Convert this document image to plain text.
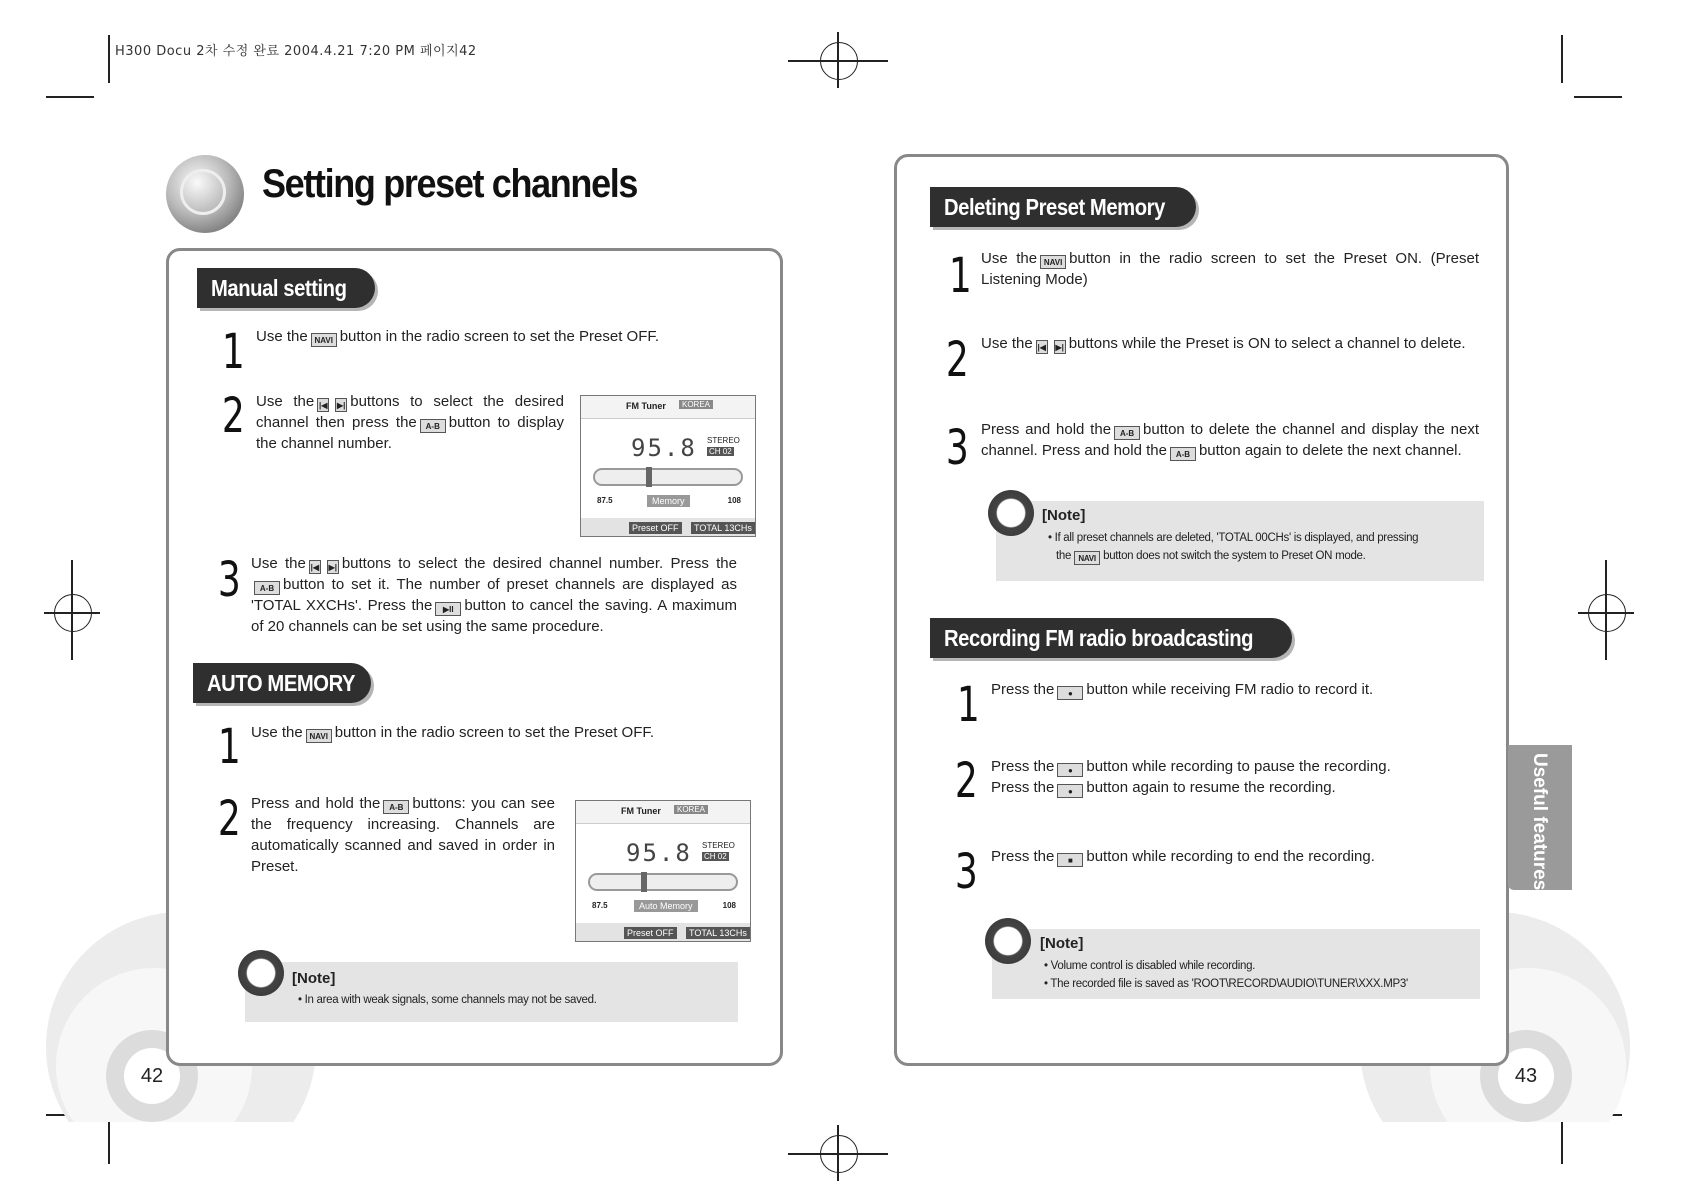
H300 Docu 2차 수정 완료 2004.4.21 7:20 PM 페이지42
42	43
Setting preset channels
Manual setting
1 Use the NAVI button in the radio screen to set the Preset OFF.
2 Use the |◀ ▶| buttons to select the desired channel then press the A-B button to display the channel number.
FM Tuner	KOREA
95.8 STEREO
CH 02
87.5	Memory	108
Preset OFF	TOTAL 13CHs
3 Use the |◀ ▶| buttons to select the desired channel number. Press theA-B button to set it. The number of preset channels are displayed as 'TOTAL XXCHs'. Press the ▶II button to cancel the saving. A maximum of 20 channels can be set using the same procedure.
AUTO MEMORY
1 Use the NAVI button in the radio screen to set the Preset OFF.
2 Press and hold the A-B buttons: you can see the frequency increasing. Channels are automatically scanned and saved in order in Preset.
FM Tuner	KOREA
95.8 STEREO
CH 02
87.5	Auto Memory	108
Preset OFF	TOTAL 13CHs
[Note]
• In area with weak signals, some channels may not be saved.
Deleting Preset Memory
1 Use the NAVI button in the radio screen to set the Preset ON. (Preset Listening Mode)
2 Use the |◀ ▶| buttons while the Preset is ON to select a channel to delete.
3 Press and hold the A-B button to delete the channel and display the next channel. Press and hold the A-B button again to delete the next channel.
[Note]
• If all preset channels are deleted, 'TOTAL 00CHs' is displayed, and pressing
the NAVI button does not switch the system to Preset ON mode.
Recording FM radio broadcasting
1 Press the ● button while receiving FM radio to record it.
2 Press the ● button while recording to pause the recording.
Press the ● button again to resume the recording.
3 Press the ■ button while recording to end the recording.
[Note]
• Volume control is disabled while recording.
• The recorded file is saved as 'ROOT\RECORD\AUDIO\TUNER\XXX.MP3'
Useful features
